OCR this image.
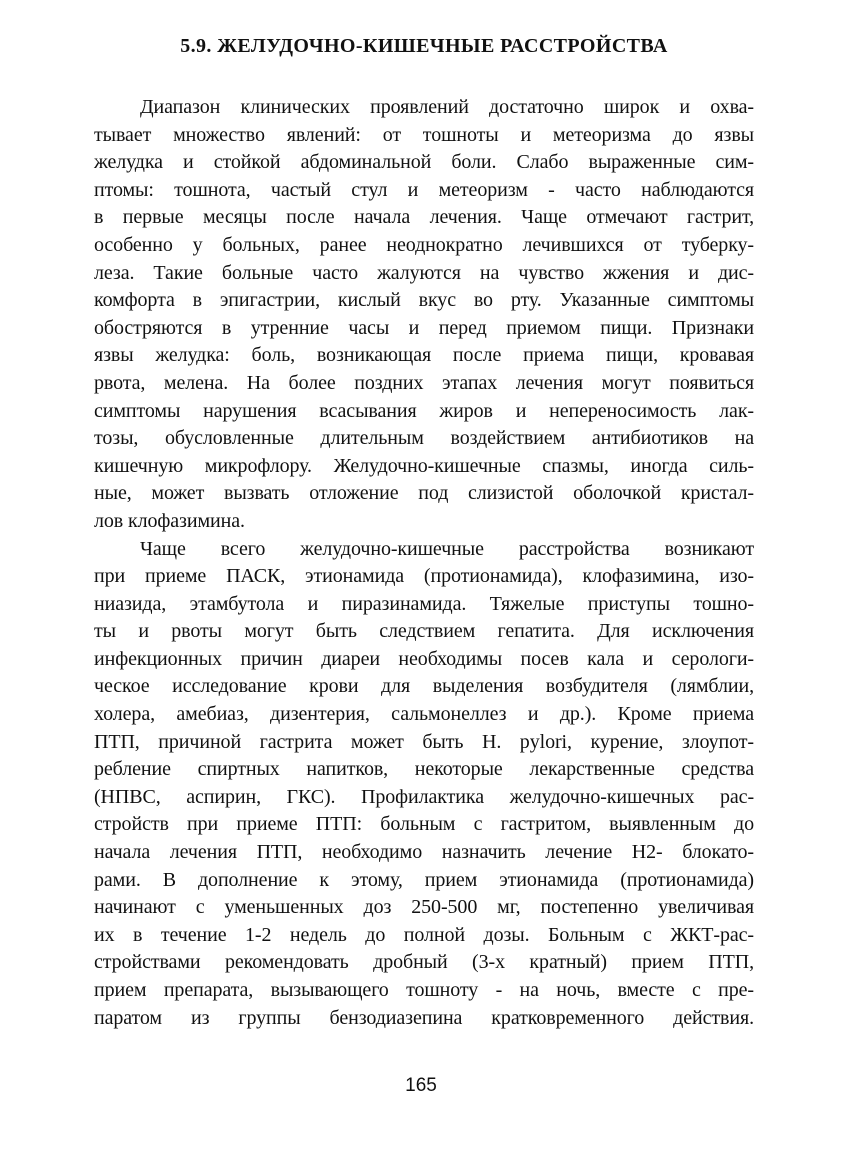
5.9. ЖЕЛУДОЧНО-КИШЕЧНЫЕ РАССТРОЙСТВА
Диапазон клинических проявлений достаточно широк и охва-
тывает множество явлений: от тошноты и метеоризма до язвы
желудка и стойкой абдоминальной боли. Слабо выраженные сим-
птомы: тошнота, частый стул и метеоризм - часто наблюдаются
в первые месяцы после начала лечения. Чаще отмечают гастрит,
особенно у больных, ранее неоднократно лечившихся от туберку-
леза. Такие больные часто жалуются на чувство жжения и дис-
комфорта в эпигастрии, кислый вкус во рту. Указанные симптомы
обостряются в утренние часы и перед приемом пищи. Признаки
язвы желудка: боль, возникающая после приема пищи, кровавая
рвота, мелена. На более поздних этапах лечения могут появиться
симптомы нарушения всасывания жиров и непереносимость лак-
тозы, обусловленные длительным воздействием антибиотиков на
кишечную микрофлору. Желудочно-кишечные спазмы, иногда силь-
ные, может вызвать отложение под слизистой оболочкой кристал-
лов клофазимина.
Чаще всего желудочно-кишечные расстройства возникают
при приеме ПАСК, этионамида (протионамида), клофазимина, изо-
ниазида, этамбутола и пиразинамида. Тяжелые приступы тошно-
ты и рвоты могут быть следствием гепатита. Для исключения
инфекционных причин диареи необходимы посев кала и серологи-
ческое исследование крови для выделения возбудителя (лямблии,
холера, амебиаз, дизентерия, сальмонеллез и др.). Кроме приема
ПТП, причиной гастрита может быть H. pylori, курение, злоупот-
ребление спиртных напитков, некоторые лекарственные средства
(НПВС, аспирин, ГКС). Профилактика желудочно-кишечных рас-
стройств при приеме ПТП: больным с гастритом, выявленным до
начала лечения ПТП, необходимо назначить лечение H2- блокато-
рами. В дополнение к этому, прием этионамида (протионамида)
начинают с уменьшенных доз 250-500 мг, постепенно увеличивая
их в течение 1-2 недель до полной дозы. Больным с ЖКТ-рас-
стройствами рекомендовать дробный (3-х кратный) прием ПТП,
прием препарата, вызывающего тошноту - на ночь, вместе с пре-
паратом из группы бензодиазепина кратковременного действия.
165
